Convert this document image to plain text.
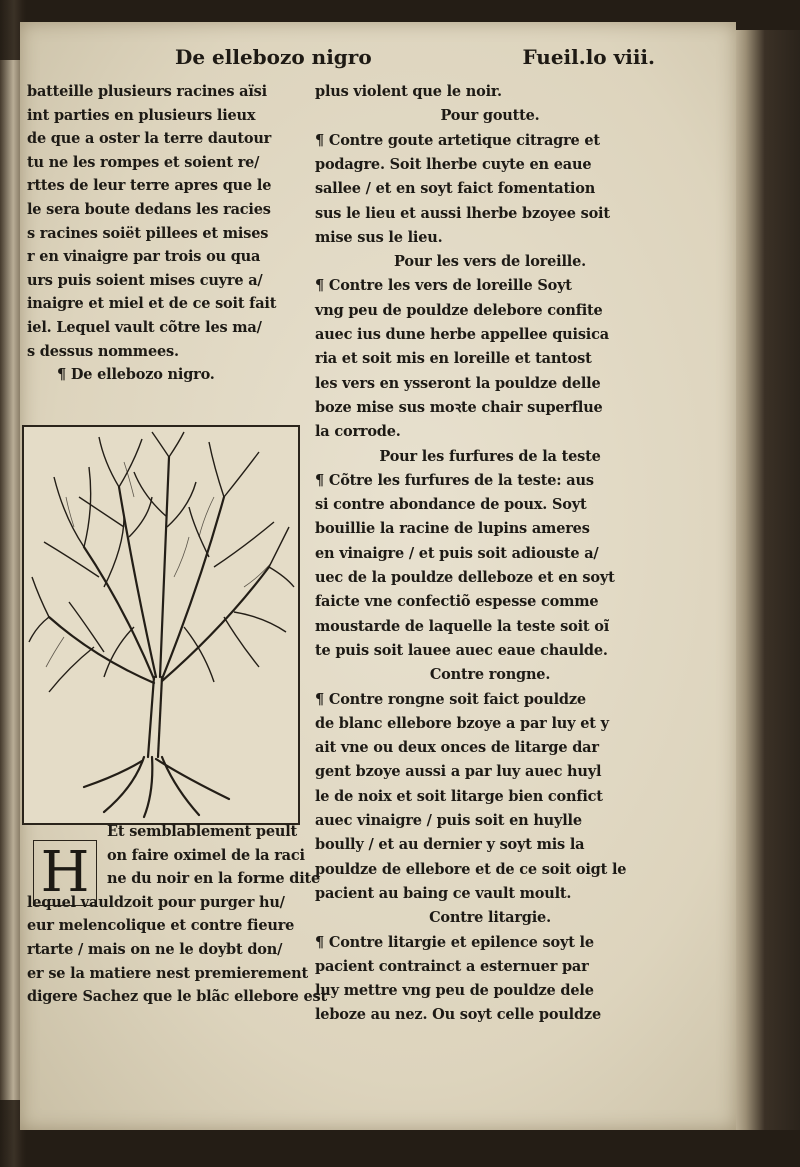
De ellebozo nigro	Fueil.lo viii.
batteille plusieurs racines aïsi
int parties en plusieurs lieux
de que a oster la terre dautour
tu ne les rompes et soient re/
rttes de leur terre apres que le
le sera boute dedans les racies
s racines soiët pillees et mises
r en vinaigre par trois ou qua
urs puis soient mises cuyre a/
inaigre et miel et de ce soit fait
iel. Lequel vault cõtre les ma/
s dessus nommees.
¶ De ellebozo nigro.
H
Et semblablement peult
on faire oximel de la raci
ne du noir en la forme dite
lequel vauldzoit pour purger hu/
eur melencolique et contre fieure
rtarte / mais on ne le doybt don/
er se la matiere nest premierement
digere Sachez que le blãc ellebore est
plus violent que le noir.
Pour goutte.
¶ Contre goute artetique citragre et
podagre. Soit lherbe cuyte en eaue
sallee / et en soyt faict fomentation
sus le lieu et aussi lherbe bzoyee soit
mise sus le lieu.
Pour les vers de loreille.
¶ Contre les vers de loreille Soyt
vng peu de pouldze delebore confite
auec ius dune herbe appellee quisica
ria et soit mis en loreille et tantost
les vers en ysseront la pouldze delle
boze mise sus moꝛte chair superflue
la corrode.
Pour les furfures de la teste
¶ Cõtre les furfures de la teste: aus
si contre abondance de poux. Soyt
bouillie la racine de lupins ameres
en vinaigre / et puis soit adiouste a/
uec de la pouldze delleboze et en soyt
faicte vne confectiõ espesse comme
moustarde de laquelle la teste soit oĩ
te puis soit lauee auec eaue chaulde.
Contre rongne.
¶ Contre rongne soit faict pouldze
de blanc ellebore bzoye a par luy et y
ait vne ou deux onces de litarge dar
gent bzoye aussi a par luy auec huyl
le de noix et soit litarge bien confict
auec vinaigre / puis soit en huylle
boully / et au dernier y soyt mis la
pouldze de ellebore et de ce soit oigt le
pacient au baing ce vault moult.
Contre litargie.
¶ Contre litargie et epilence soyt le
pacient contrainct a esternuer par
luy mettre vng peu de pouldze dele
leboze au nez. Ou soyt celle pouldze
